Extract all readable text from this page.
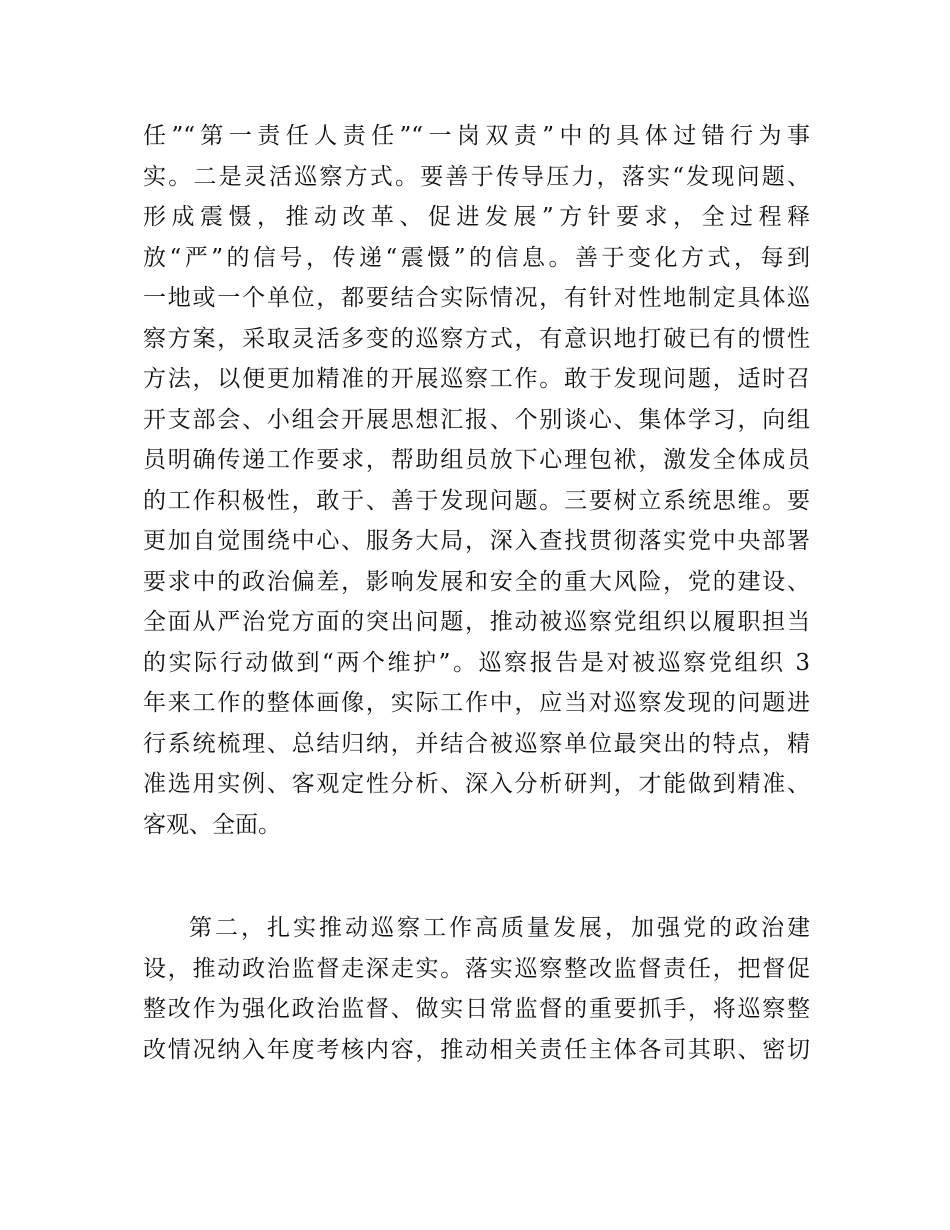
任”“第一责任人责任”“一岗双责”中的具体过错行为事
实。二是灵活巡察方式。要善于传导压力，落实“发现问题、
形成震慑，推动改革、促进发展”方针要求，全过程释
放“严”的信号，传递“震慑”的信息。善于变化方式，每到
一地或一个单位，都要结合实际情况，有针对性地制定具体巡
察方案，采取灵活多变的巡察方式，有意识地打破已有的惯性
方法，以便更加精准的开展巡察工作。敢于发现问题，适时召
开支部会、小组会开展思想汇报、个别谈心、集体学习，向组
员明确传递工作要求，帮助组员放下心理包袱，激发全体成员
的工作积极性，敢于、善于发现问题。三要树立系统思维。要
更加自觉围绕中心、服务大局，深入查找贯彻落实党中央部署
要求中的政治偏差，影响发展和安全的重大风险，党的建设、
全面从严治党方面的突出问题，推动被巡察党组织以履职担当
的实际行动做到“两个维护”。巡察报告是对被巡察党组织 3
年来工作的整体画像，实际工作中，应当对巡察发现的问题进
行系统梳理、总结归纳，并结合被巡察单位最突出的特点，精
准选用实例、客观定性分析、深入分析研判，才能做到精准、
客观、全面。
第二，扎实推动巡察工作高质量发展，加强党的政治建
设，推动政治监督走深走实。落实巡察整改监督责任，把督促
整改作为强化政治监督、做实日常监督的重要抓手，将巡察整
改情况纳入年度考核内容，推动相关责任主体各司其职、密切
